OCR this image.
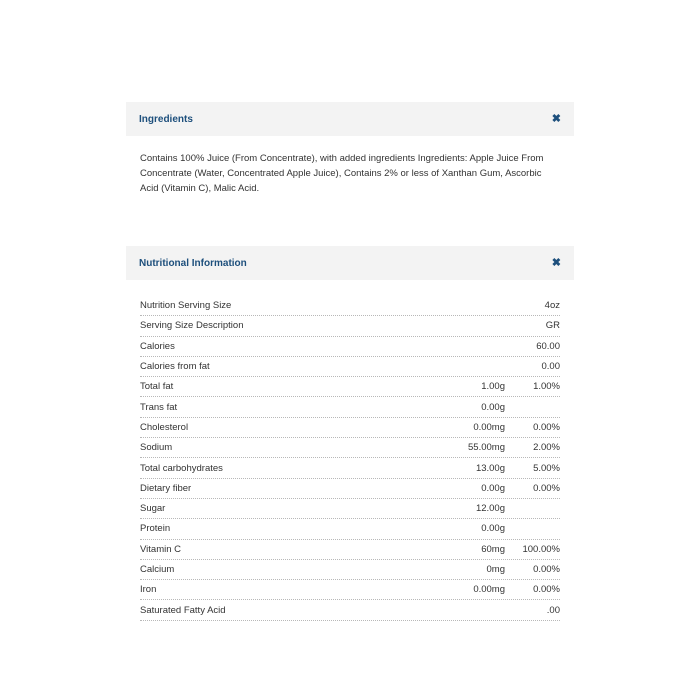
Ingredients	✖
Contains 100% Juice (From Concentrate), with added ingredients Ingredients: Apple Juice From Concentrate (Water, Concentrated Apple Juice), Contains 2% or less of Xanthan Gum, Ascorbic Acid (Vitamin C), Malic Acid.
Nutritional Information	✖
Nutrition Serving Size	4oz
Serving Size Description	GR
Calories	60.00
Calories from fat	0.00
Total fat	1.00g	1.00%
Trans fat	0.00g
Cholesterol	0.00mg	0.00%
Sodium	55.00mg	2.00%
Total carbohydrates	13.00g	5.00%
Dietary fiber	0.00g	0.00%
Sugar	12.00g
Protein	0.00g
Vitamin C	60mg	100.00%
Calcium	0mg	0.00%
Iron	0.00mg	0.00%
Saturated Fatty Acid	.00
